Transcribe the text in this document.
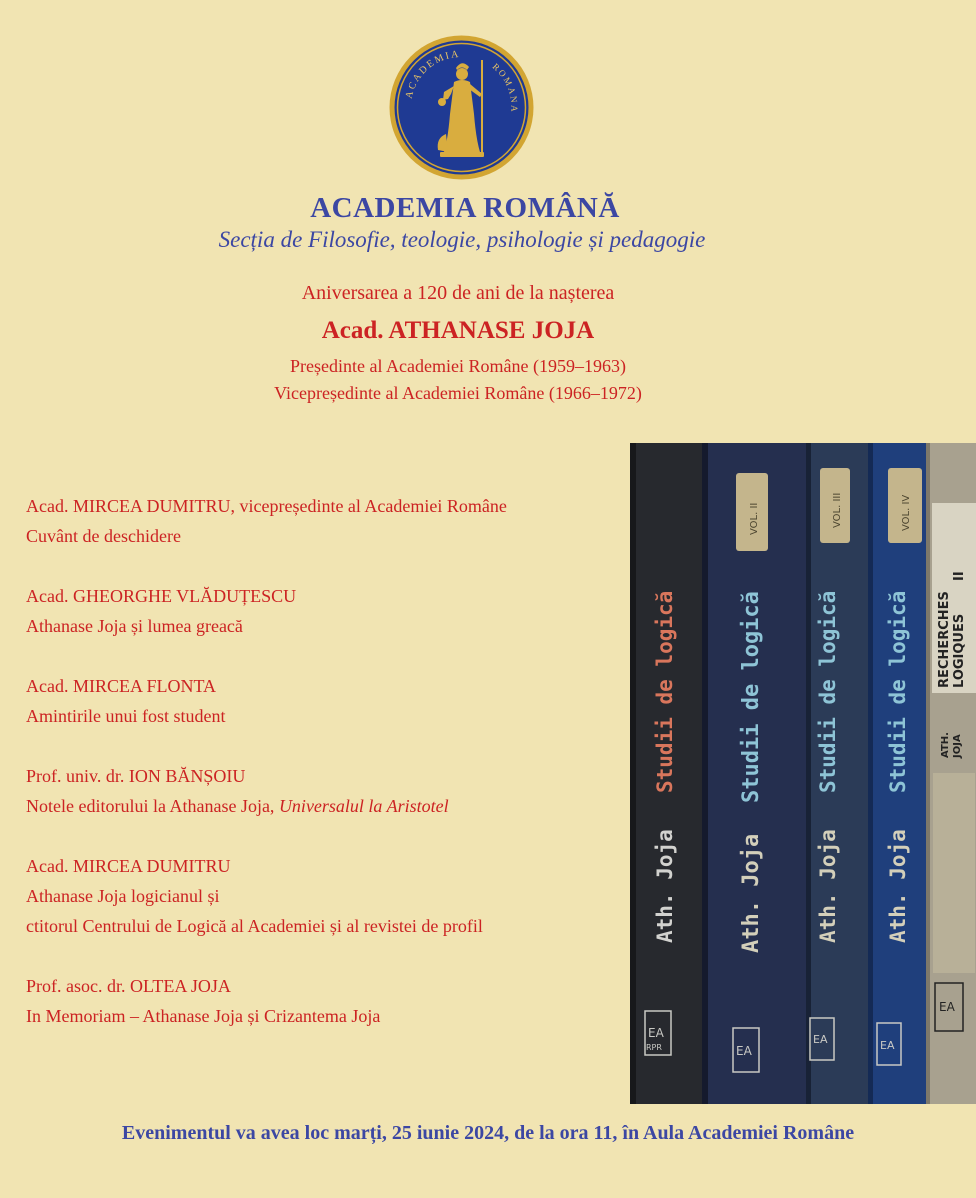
ACADEMIA
ROMANA
ACADEMIA ROMÂNĂ
Secția de Filosofie, teologie, psihologie și pedagogie
Aniversarea a 120 de ani de la nașterea
Acad. ATHANASE JOJA
Președinte al Academiei Române (1959–1963)
Vicepreședinte al Academiei Române (1966–1972)
Acad. MIRCEA DUMITRU, vicepreședinte al Academiei Române
Cuvânt de deschidere
Acad. GHEORGHE VLĂDUȚESCU
Athanase Joja și lumea greacă
Acad. MIRCEA FLONTA
Amintirile unui fost student
Prof. univ. dr. ION BĂNȘOIU
Notele editorului la Athanase Joja, Universalul la Aristotel
Acad. MIRCEA DUMITRU
Athanase Joja logicianul și
ctitorul Centrului de Logică al Academiei și al revistei de profil
Prof. asoc. dr. OLTEA JOJA
In Memoriam – Athanase Joja și Crizantema Joja
Studii de logică
Ath. Joja
EA
RPR
VOL. II
Studii de logică
Ath. Joja
EA
VOL. III
Studii de logică
Ath. Joja
EA
VOL. IV
Studii de logică
Ath. Joja
EA
RECHERCHES LOGIQUES
II
ATH. JOJA
EA
Evenimentul va avea loc marți, 25 iunie 2024, de la ora 11, în Aula Academiei Române
